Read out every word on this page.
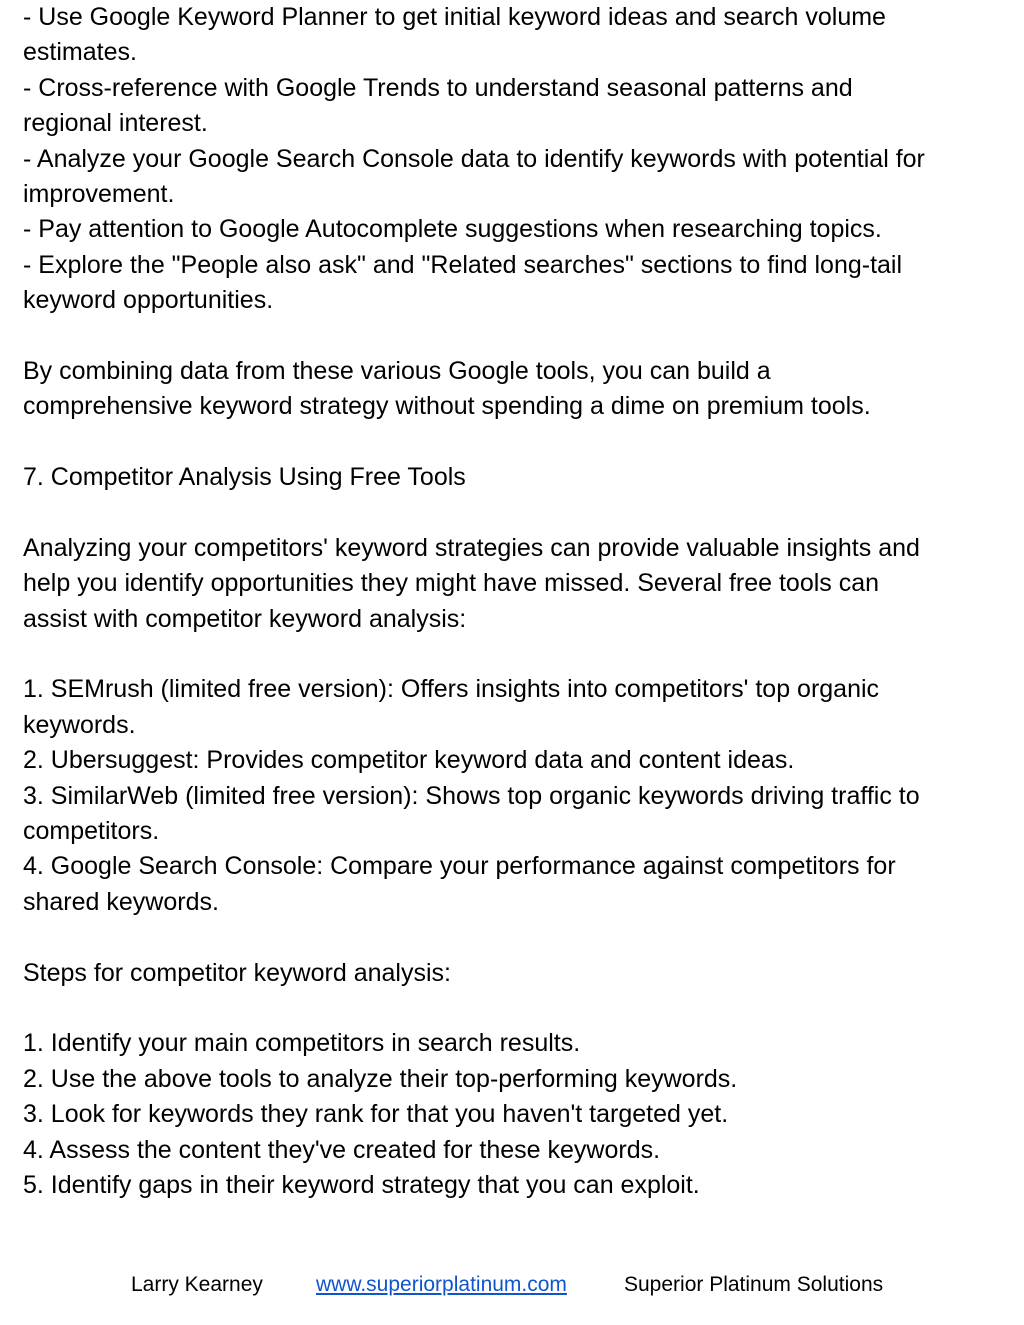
- Use Google Keyword Planner to get initial keyword ideas and search volume

estimates.

- Cross-reference with Google Trends to understand seasonal patterns and

regional interest.

- Analyze your Google Search Console data to identify keywords with potential for

improvement.

- Pay attention to Google Autocomplete suggestions when researching topics.

- Explore the "People also ask" and "Related searches" sections to find long-tail

keyword opportunities.

By combining data from these various Google tools, you can build a

comprehensive keyword strategy without spending a dime on premium tools.

7. Competitor Analysis Using Free Tools

Analyzing your competitors' keyword strategies can provide valuable insights and

help you identify opportunities they might have missed. Several free tools can

assist with competitor keyword analysis:

1. SEMrush (limited free version): Offers insights into competitors' top organic

keywords.

2. Ubersuggest: Provides competitor keyword data and content ideas.

3. SimilarWeb (limited free version): Shows top organic keywords driving traffic to

competitors.

4. Google Search Console: Compare your performance against competitors for

shared keywords.

Steps for competitor keyword analysis:

1. Identify your main competitors in search results.

2. Use the above tools to analyze their top-performing keywords.

3. Look for keywords they rank for that you haven't targeted yet.

4. Assess the content they've created for these keywords.

5. Identify gaps in their keyword strategy that you can exploit.

Larry Kearney	www.superiorplatinum.com	Superior Platinum Solutions
